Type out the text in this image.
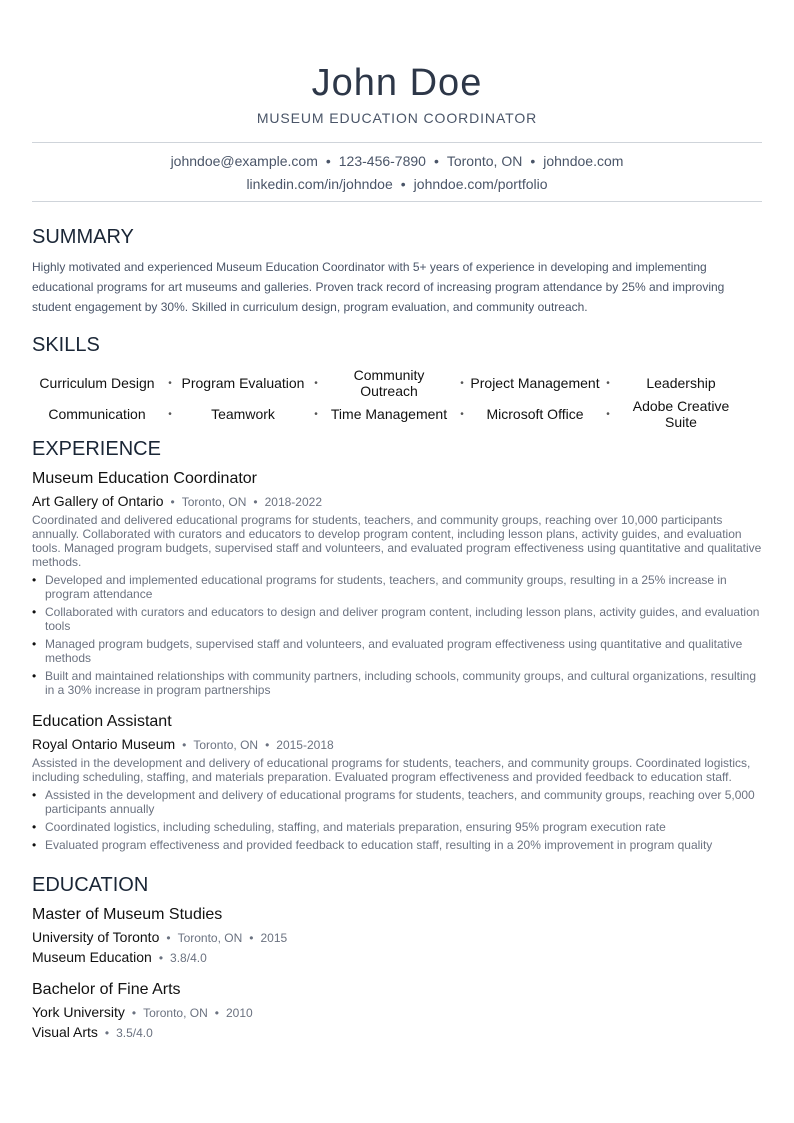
John Doe
MUSEUM EDUCATION COORDINATOR
johndoe@example.com • 123-456-7890 • Toronto, ON • johndoe.com
linkedin.com/in/johndoe • johndoe.com/portfolio
SUMMARY
Highly motivated and experienced Museum Education Coordinator with 5+ years of experience in developing and implementing educational programs for art museums and galleries. Proven track record of increasing program attendance by 25% and improving student engagement by 30%. Skilled in curriculum design, program evaluation, and community outreach.
SKILLS
Curriculum Design	• Program Evaluation •	Community Outreach	• Project Management •	Leadership
Communication	•	Teamwork	• Time Management	•	Microsoft Office	•	Adobe Creative Suite
EXPERIENCE
Museum Education Coordinator
Art Gallery of Ontario • Toronto, ON • 2018-2022
Coordinated and delivered educational programs for students, teachers, and community groups, reaching over 10,000 participants annually. Collaborated with curators and educators to develop program content, including lesson plans, activity guides, and evaluation tools. Managed program budgets, supervised staff and volunteers, and evaluated program effectiveness using quantitative and qualitative methods.
• Developed and implemented educational programs for students, teachers, and community groups, resulting in a 25% increase in program attendance
• Collaborated with curators and educators to design and deliver program content, including lesson plans, activity guides, and evaluation tools
• Managed program budgets, supervised staff and volunteers, and evaluated program effectiveness using quantitative and qualitative methods
• Built and maintained relationships with community partners, including schools, community groups, and cultural organizations, resulting in a 30% increase in program partnerships
Education Assistant
Royal Ontario Museum • Toronto, ON • 2015-2018
Assisted in the development and delivery of educational programs for students, teachers, and community groups. Coordinated logistics, including scheduling, staffing, and materials preparation. Evaluated program effectiveness and provided feedback to education staff.
• Assisted in the development and delivery of educational programs for students, teachers, and community groups, reaching over 5,000 participants annually
• Coordinated logistics, including scheduling, staffing, and materials preparation, ensuring 95% program execution rate
• Evaluated program effectiveness and provided feedback to education staff, resulting in a 20% improvement in program quality
EDUCATION
Master of Museum Studies
University of Toronto • Toronto, ON • 2015
Museum Education • 3.8/4.0
Bachelor of Fine Arts
York University • Toronto, ON • 2010
Visual Arts • 3.5/4.0
